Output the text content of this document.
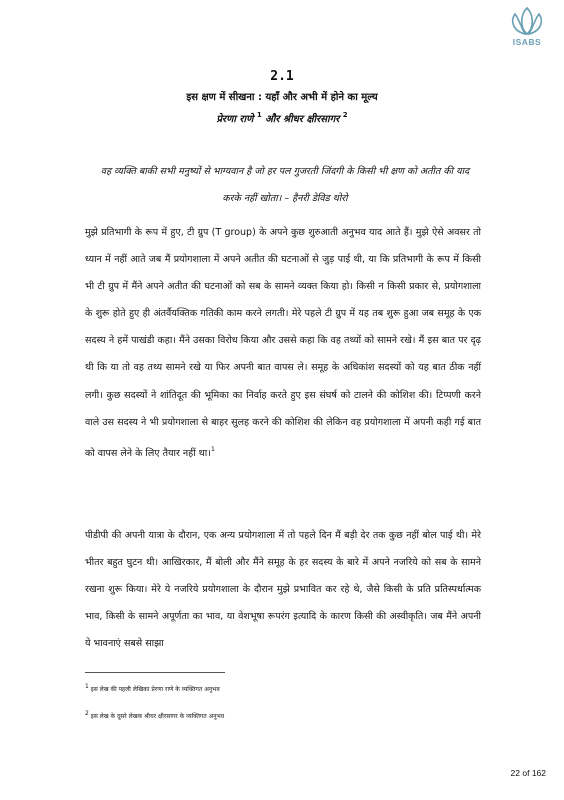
ISABS
2.1
इस क्षण में सीखना : यहाँ और अभी में होने का मूल्य
प्रेरणा राणे $^1$ और श्रीधर क्षीरसागर $^2$
वह व्यक्ति बाकी सभी मनुष्यों से भाग्यवान है जो हर पल गुजरती जिंदगी के किसी भी क्षण को अतीत की याद करके नहीं खोता। – हैनरी डेविड थोरो
मुझे प्रतिभागी के रूप में हुए, टी ग्रुप (T group) के अपने कुछ शुरुआती अनुभव याद आते हैं। मुझे ऐसे अवसर तो ध्यान में नहीं आते जब मैं प्रयोगशाला में अपने अतीत की घटनाओं से जुड़ पाई थी, या कि प्रतिभागी के रूप में किसी भी टी ग्रुप में मैंने अपने अतीत की घटनाओं को सब के सामने व्यक्त किया हो। किसी न किसी प्रकार से, प्रयोगशाला के शुरू होते हुए ही अंतर्वैयक्तिक गतिकी काम करने लगती। मेरे पहले टी ग्रुप में यह तब शुरू हुआ जब समूह के एक सदस्य ने हमें पाखंडी कहा। मैंने उसका विरोध किया और उससे कहा कि वह तथ्यों को सामने रखे। मैं इस बात पर दृढ़ थी कि या तो वह तथ्य सामने रखे या फिर अपनी बात वापस ले। समूह के अधिकांश सदस्यों को यह बात ठीक नहीं लगी। कुछ सदस्यों ने शांतिदूत की भूमिका का निर्वाह करते हुए इस संघर्ष को टालने की कोशिश की। टिप्पणी करने वाले उस सदस्य ने भी प्रयोगशाला से बाहर सुलह करने की कोशिश की लेकिन वह प्रयोगशाला में अपनी कही गई बात को वापस लेने के लिए तैयार नहीं था।$^1$
पीडीपी की अपनी यात्रा के दौरान, एक अन्य प्रयोगशाला में तो पहले दिन मैं बड़ी देर तक कुछ नहीं बोल पाई थी। मेरे भीतर बहुत घुटन थी। आखिरकार, मैं बोली और मैंने समूह के हर सदस्य के बारे में अपने नजरिये को सब के सामने रखना शुरू किया। मेरे ये नजरिये प्रयोगशाला के दौरान मुझे प्रभावित कर रहे थे, जैसे किसी के प्रति प्रतिस्पर्धात्मक भाव, किसी के सामने अपूर्णता का भाव, या वेशभूषा रूपरंग इत्यादि के कारण किसी की अस्वीकृति। जब मैंने अपनी ये भावनाएं सबसे साझा
$^1$ इस लेख की पहली लेखिका प्रेरणा राणे के व्यक्तिगत अनुभव
$^2$ इस लेख के दूसरे लेखक श्रीधर क्षीरसागर के व्यक्तिगत अनुभव
22 of 162
